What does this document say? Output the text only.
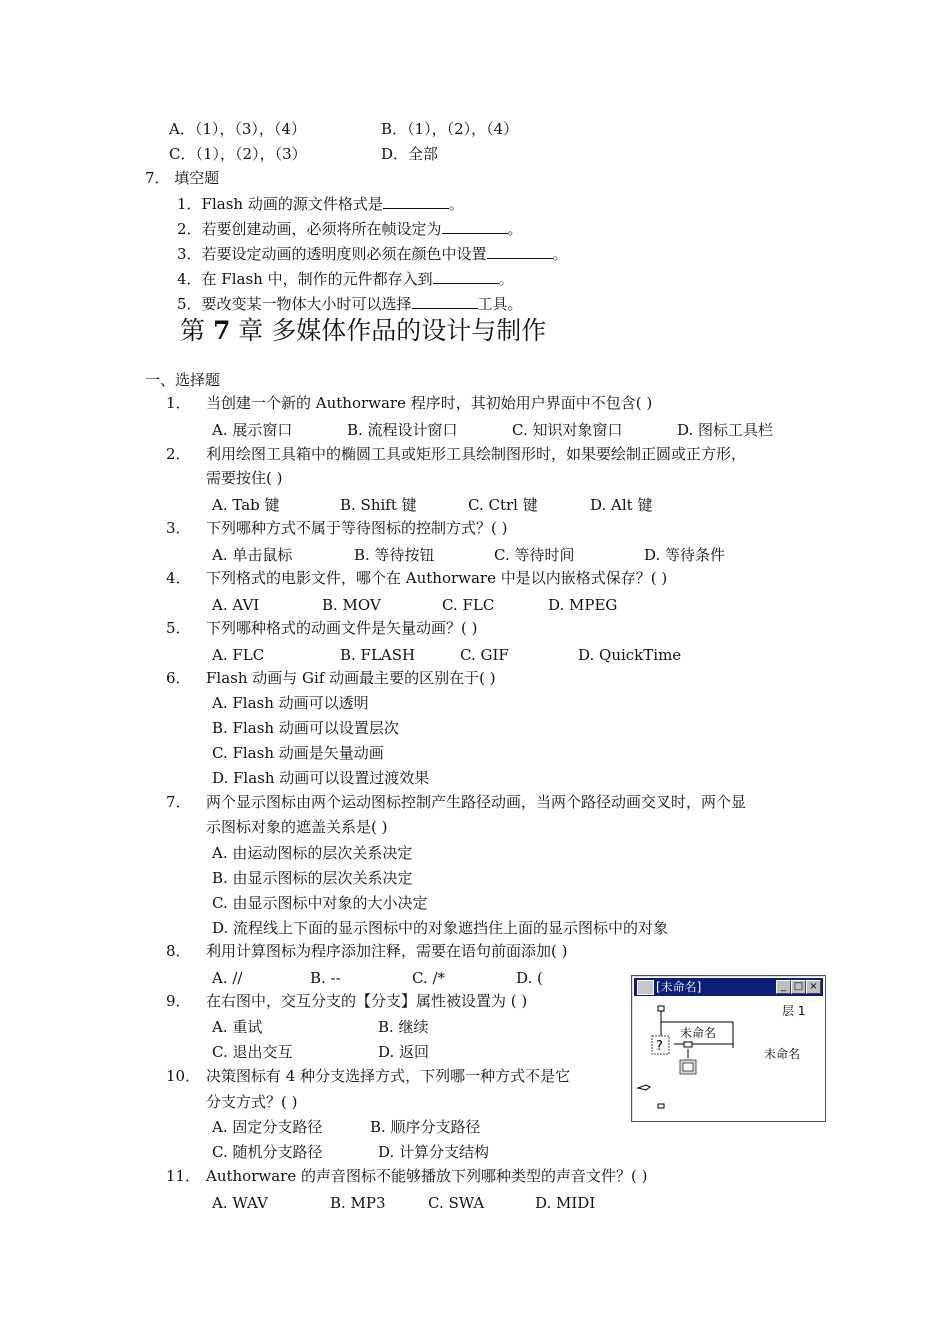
A．（1），（3），（4）	B．（1），（2），（4）
C．（1），（2），（3）	D．全部
7． 填空题
1．Flash 动画的源文件格式是	。
2．若要创建动画，必须将所在帧设定为	。
3．若要设定动画的透明度则必须在颜色中设置	。
4．在 Flash 中，制作的元件都存入到	。
5．要改变某一物体大小时可以选择	工具。
第 7 章 多媒体作品的设计与制作
一、选择题
1． 当创建一个新的 Authorware 程序时，其初始用户界面中不包含( )
A. 展示窗口	B. 流程设计窗口	C. 知识对象窗口	D. 图标工具栏
2． 利用绘图工具箱中的椭圆工具或矩形工具绘制图形时，如果要绘制正圆或正方形，
需要按住( )
A. Tab 键	B. Shift 键	C. Ctrl 键	D. Alt 键
3． 下列哪种方式不属于等待图标的控制方式？( )
A. 单击鼠标	B. 等待按钮	C. 等待时间	D. 等待条件
4． 下列格式的电影文件，哪个在 Authorware 中是以内嵌格式保存？( )
A. AVI	B. MOV	C. FLC	D. MPEG
5． 下列哪种格式的动画文件是矢量动画？( )
A. FLC	B. FLASH	C. GIF	D. QuickTime
6． Flash 动画与 Gif 动画最主要的区别在于( )
A. Flash 动画可以透明
B. Flash 动画可以设置层次
C. Flash 动画是矢量动画
D. Flash 动画可以设置过渡效果
7． 两个显示图标由两个运动图标控制产生路径动画，当两个路径动画交叉时，两个显
示图标对象的遮盖关系是( )
A. 由运动图标的层次关系决定
B. 由显示图标的层次关系决定
C. 由显示图标中对象的大小决定
D. 流程线上下面的显示图标中的对象遮挡住上面的显示图标中的对象
8． 利用计算图标为程序添加注释，需要在语句前面添加( )
A. //	B. --	C. /*	D. (
9． 在右图中，交互分支的【分支】属性被设置为 ( )
A. 重试	B. 继续
C. 退出交互	D. 返回
10． 决策图标有 4 种分支选择方式，下列哪一种方式不是它
分支方式？( )
A. 固定分支路径	B. 顺序分支路径
C. 随机分支路径	D. 计算分支结构
11． Authorware 的声音图标不能够播放下列哪种类型的声音文件？( )
A. WAV	B. MP3	C. SWA	D. MIDI
[未命名]	_ □ ×
层 1
未命名
未命名
?
